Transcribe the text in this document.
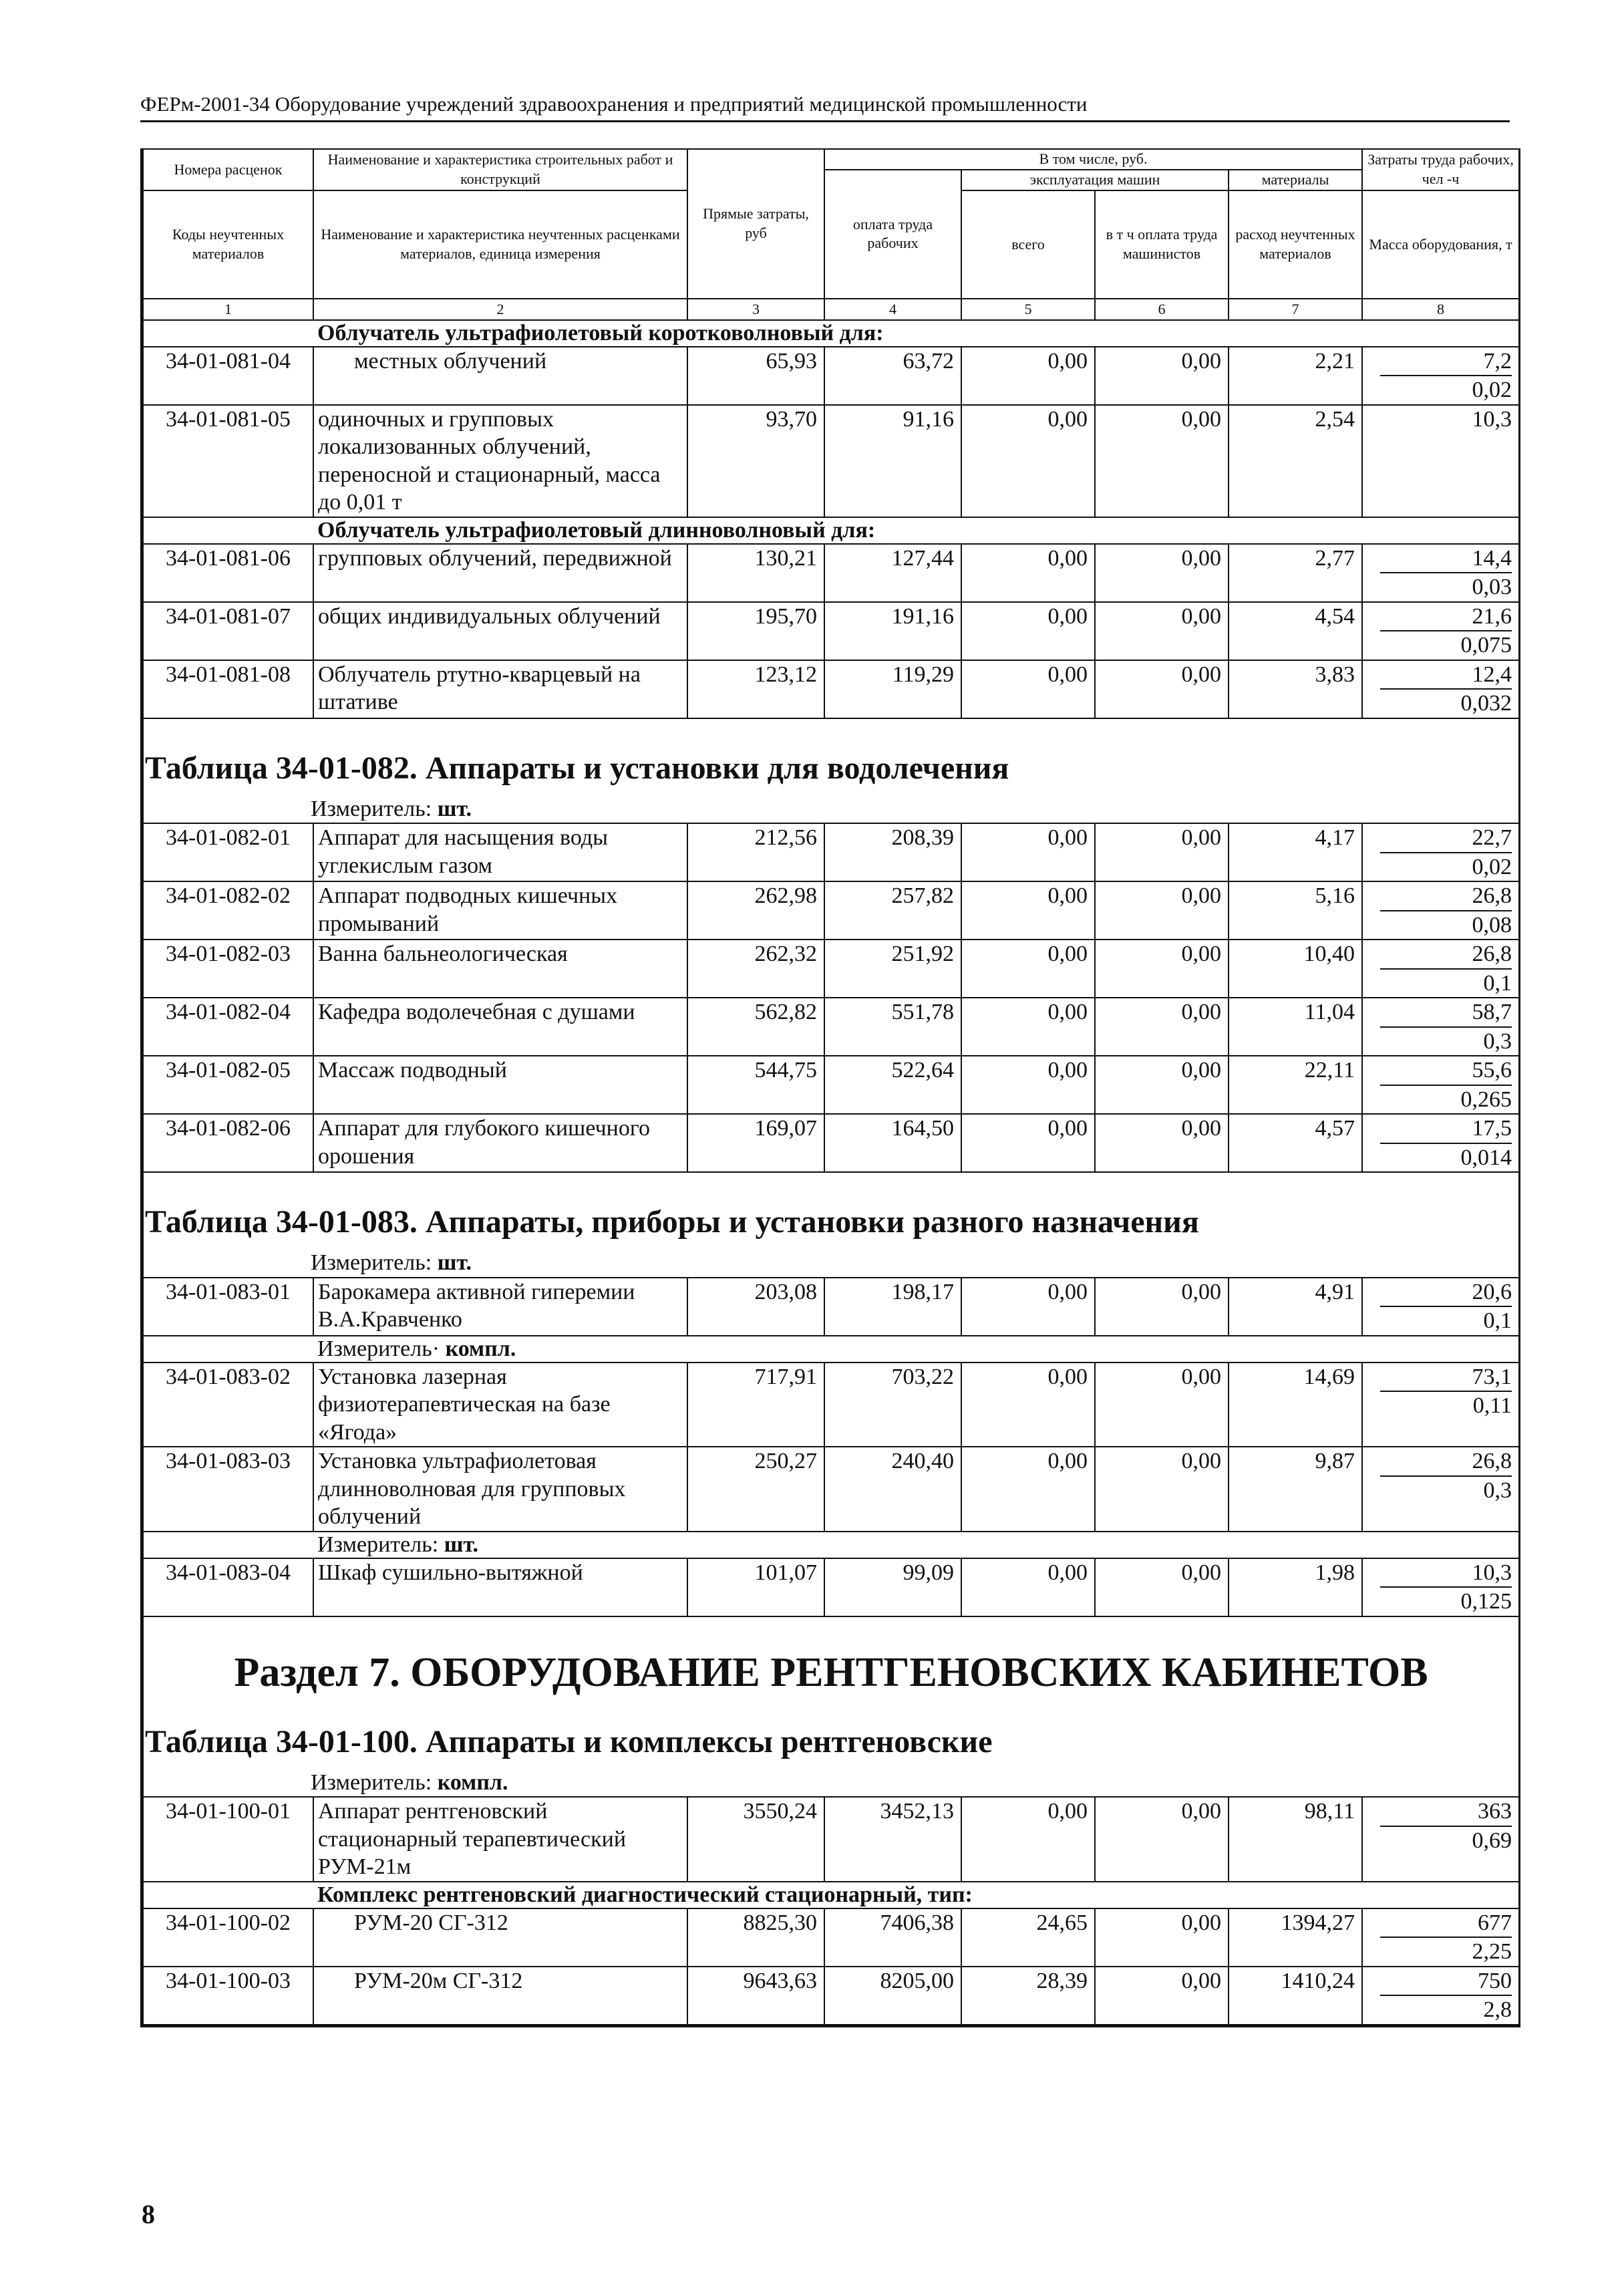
ФЕРм-2001-34 Оборудование учреждений здравоохранения и предприятий медицинской промышленности
Номера расценок	Наименование и характеристика строительных работ и конструкций	Прямые затраты, руб	В том числе, руб.				Затраты труда рабочих, чел -ч
			оплата труда рабочих	эксплуатация машин		материалы	
Коды неучтенных материалов	Наименование и характеристика неучтенных расценками материалов, единица измерения			всего	в т ч оплата труда машинистов	расход неучтенных материалов	
							Масса оборудования, т
1	2	3	4	5	6	7	8
	Облучатель ультрафиолетовый коротковолновый для:						
34-01-081-04	местных облучений	65,93	63,72	0,00	0,00	2,21	7,2
0,02

34-01-081-05	одиночных и групповых локализованных облучений, переносной и стационарный, масса до 0,01 т	93,70	91,16	0,00	0,00	2,54	10,3
	Облучатель ультрафиолетовый длинноволновый для:						
34-01-081-06	групповых облучений, передвижной	130,21	127,44	0,00	0,00	2,77	14,4
0,03

34-01-081-07	общих индивидуальных облучений	195,70	191,16	0,00	0,00	4,54	21,6
0,075

34-01-081-08	Облучатель ртутно-кварцевый на штативе	123,12	119,29	0,00	0,00	3,83	12,4
0,032

Таблица 34-01-082. Аппараты и установки для водолечения
Измеритель: шт.							

34-01-082-01	Аппарат для насыщения воды углекислым газом	212,56	208,39	0,00	0,00	4,17	22,7
0,02

34-01-082-02	Аппарат подводных кишечных промываний	262,98	257,82	0,00	0,00	5,16	26,8
0,08

34-01-082-03	Ванна бальнеологическая	262,32	251,92	0,00	0,00	10,40	26,8
0,1

34-01-082-04	Кафедра водолечебная с душами	562,82	551,78	0,00	0,00	11,04	58,7
0,3

34-01-082-05	Массаж подводный	544,75	522,64	0,00	0,00	22,11	55,6
0,265

34-01-082-06	Аппарат для глубокого кишечного орошения	169,07	164,50	0,00	0,00	4,57	17,5
0,014

Таблица 34-01-083. Аппараты, приборы и установки разного назначения
Измеритель: шт.							

34-01-083-01	Барокамера активной гиперемии В.А.Кравченко	203,08	198,17	0,00	0,00	4,91	20,6
0,1

	Измеритель· компл.						
34-01-083-02	Установка лазерная физиотерапевтическая на базе «Ягода»	717,91	703,22	0,00	0,00	14,69	73,1
0,11

34-01-083-03	Установка ультрафиолетовая длинноволновая для групповых облучений	250,27	240,40	0,00	0,00	9,87	26,8
0,3

	Измеритель: шт.						
34-01-083-04	Шкаф сушильно-вытяжной	101,07	99,09	0,00	0,00	1,98	10,3
0,125

Раздел 7. ОБОРУДОВАНИЕ РЕНТГЕНОВСКИХ КАБИНЕТОВ
Таблица 34-01-100. Аппараты и комплексы рентгеновские
Измеритель: компл.							

34-01-100-01	Аппарат рентгеновский стационарный терапевтический РУМ-21м	3550,24	3452,13	0,00	0,00	98,11	363
0,69

	Комплекс рентгеновский диагностический стационарный, тип:						
34-01-100-02	РУМ-20 СГ-312	8825,30	7406,38	24,65	0,00	1394,27	677
2,25

34-01-100-03	РУМ-20м СГ-312	9643,63	8205,00	28,39	0,00	1410,24	750
2,8
8
